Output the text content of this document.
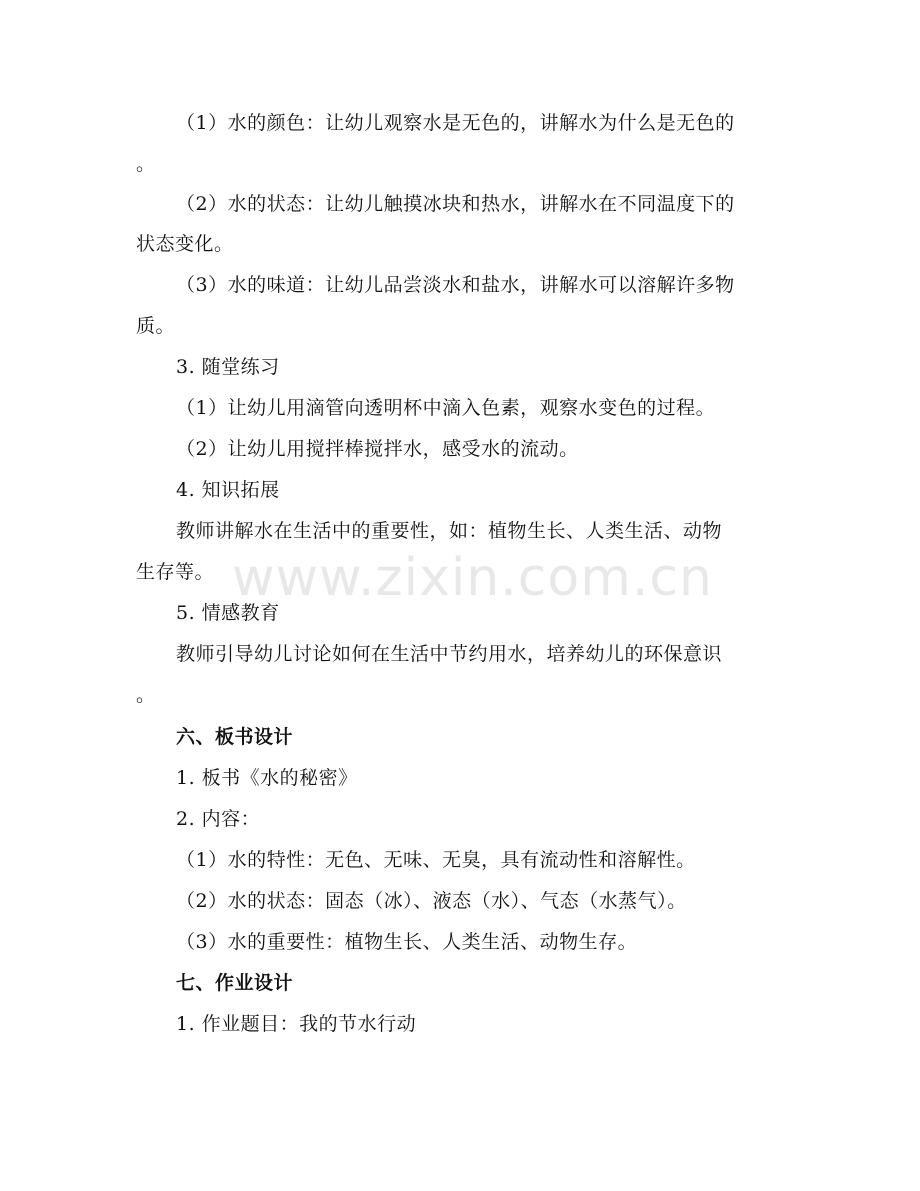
www.zixin.com.cn
（1）水的颜色：让幼儿观察水是无色的，讲解水为什么是无色的
。
（2）水的状态：让幼儿触摸冰块和热水，讲解水在不同温度下的
状态变化。
（3）水的味道：让幼儿品尝淡水和盐水，讲解水可以溶解许多物
质。
3. 随堂练习
（1）让幼儿用滴管向透明杯中滴入色素，观察水变色的过程。
（2）让幼儿用搅拌棒搅拌水，感受水的流动。
4. 知识拓展
教师讲解水在生活中的重要性，如：植物生长、人类生活、动物
生存等。
5. 情感教育
教师引导幼儿讨论如何在生活中节约用水，培养幼儿的环保意识
。
六、板书设计
1. 板书《水的秘密》
2. 内容：
（1）水的特性：无色、无味、无臭，具有流动性和溶解性。
（2）水的状态：固态（冰）、液态（水）、气态（水蒸气）。
（3）水的重要性：植物生长、人类生活、动物生存。
七、作业设计
1. 作业题目：我的节水行动
